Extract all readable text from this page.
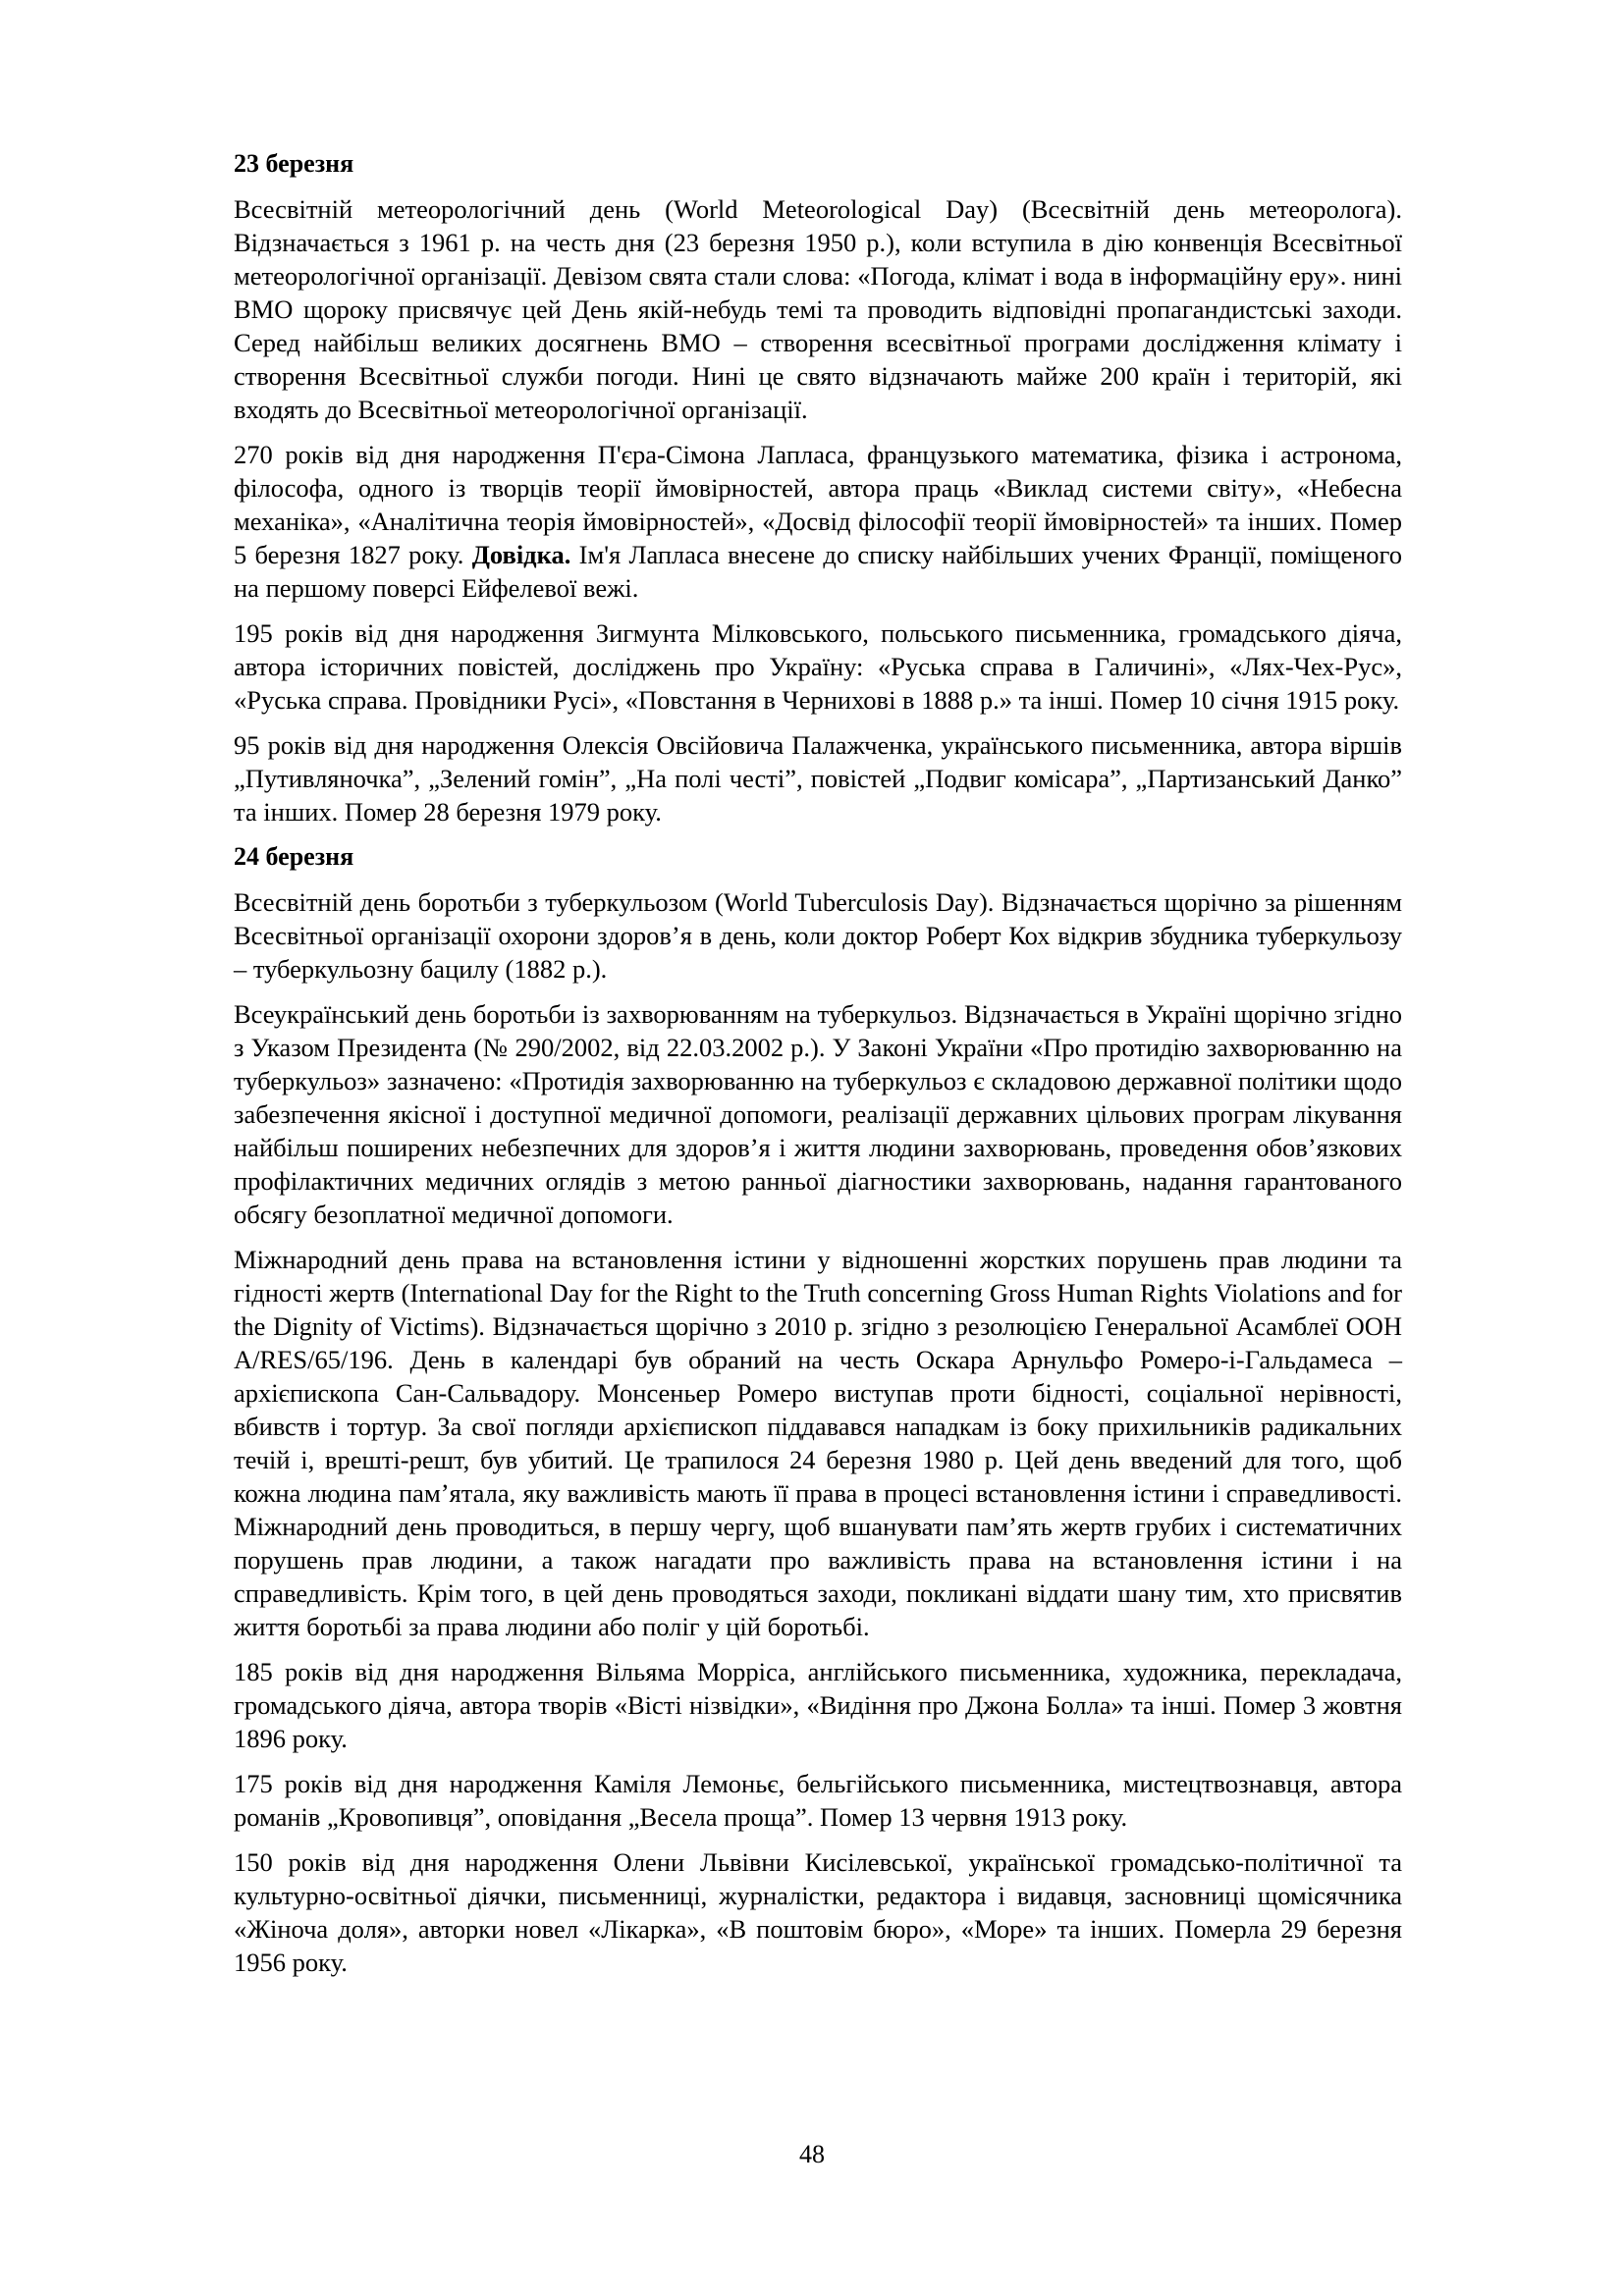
23 березня

Всесвітній метеорологічний день (World Meteorological Day) (Всесвітній день метеоролога). Відзначається з 1961 р. на честь дня (23 березня 1950 р.), коли вступила в дію конвенція Всесвітньої метеорологічної організації. Девізом свята стали слова: «Погода, клімат і вода в інформаційну еру». нині ВМО щороку присвячує цей День якій-небудь темі та проводить відповідні пропагандистські заходи. Серед найбільш великих досягнень ВМО – створення всесвітньої програми дослідження клімату і створення Всесвітньої служби погоди. Нині це свято відзначають майже 200 країн і територій, які входять до Всесвітньої метеорологічної організації.

270 років від дня народження П'єра-Сімона Лапласа, французького математика, фізика і астронома, філософа, одного із творців теорії ймовірностей, автора праць «Виклад системи світу», «Небесна механіка», «Аналітична теорія ймовірностей», «Досвід філософії теорії ймовірностей» та інших. Помер 5 березня 1827 року. Довідка. Ім'я Лапласа внесене до списку найбільших учених Франції, поміщеного на першому поверсі Ейфелевої вежі.

195 років від дня народження Зигмунта Мілковського, польського письменника, громадського діяча, автора історичних повістей, досліджень про Україну: «Руська справа в Галичині», «Лях-Чех-Рус», «Руська справа. Провідники Русі», «Повстання в Чернихові в 1888 р.» та інші. Помер 10 січня 1915 року.

95 років від дня народження Олексія Овсійовича Палажченка, українського письменника, автора віршів „Путивляночка”, „Зелений гомін”, „На полі честі”, повістей „Подвиг комісара”, „Партизанський Данко” та інших. Помер 28 березня 1979 року.

24 березня

Всесвітній день боротьби з туберкульозом (World Tuberculosis Day). Відзначається щорічно за рішенням Всесвітньої організації охорони здоров’я в день, коли доктор Роберт Кох відкрив збудника туберкульозу – туберкульозну бацилу (1882 р.).

Всеукраїнський день боротьби із захворюванням на туберкульоз. Відзначається в Україні щорічно згідно з Указом Президента (№ 290/2002, від 22.03.2002 р.). У Законі України «Про протидію захворюванню на туберкульоз» зазначено: «Протидія захворюванню на туберкульоз є складовою державної політики щодо забезпечення якісної і доступної медичної допомоги, реалізації державних цільових програм лікування найбільш поширених небезпечних для здоров’я і життя людини захворювань, проведення обов’язкових профілактичних медичних оглядів з метою ранньої діагностики захворювань, надання гарантованого обсягу безоплатної медичної допомоги.

Міжнародний день права на встановлення істини у відношенні жорстких порушень прав людини та гідності жертв (International Day for the Right to the Truth concerning Gross Human Rights Violations and for the Dignity of Victims). Відзначається щорічно з 2010 р. згідно з резолюцією Генеральної Асамблеї ООН A/RES/65/196. День в календарі був обраний на честь Оскара Арнульфо Ромеро-і-Гальдамеса – архієпископа Сан-Сальвадору. Монсеньер Ромеро виступав проти бідності, соціальної нерівності, вбивств і тортур. За свої погляди архієпископ піддавався нападкам із боку прихильників радикальних течій і, врешті-решт, був убитий. Це трапилося 24 березня 1980 р. Цей день введений для того, щоб кожна людина пам’ятала, яку важливість мають її права в процесі встановлення істини і справедливості. Міжнародний день проводиться, в першу чергу, щоб вшанувати пам’ять жертв грубих і систематичних порушень прав людини, а також нагадати про важливість права на встановлення істини і на справедливість. Крім того, в цей день проводяться заходи, покликані віддати шану тим, хто присвятив життя боротьбі за права людини або поліг у цій боротьбі.

185 років від дня народження Вільяма Морріса, англійського письменника, художника, перекладача, громадського діяча, автора творів «Вісті нізвідки», «Видіння про Джона Болла» та інші. Помер 3 жовтня 1896 року.

175 років від дня народження Каміля Лемоньє, бельгійського письменника, мистецтвознавця, автора романів „Кровопивця”, оповідання „Весела проща”. Помер 13 червня 1913 року.

150 років від дня народження Олени Львівни Кисілевської, української громадсько-політичної та культурно-освітньої діячки, письменниці, журналістки, редактора і видавця, засновниці щомісячника «Жіноча доля», авторки новел «Лікарка», «В поштовім бюро», «Море» та інших. Померла 29 березня 1956 року.

48
